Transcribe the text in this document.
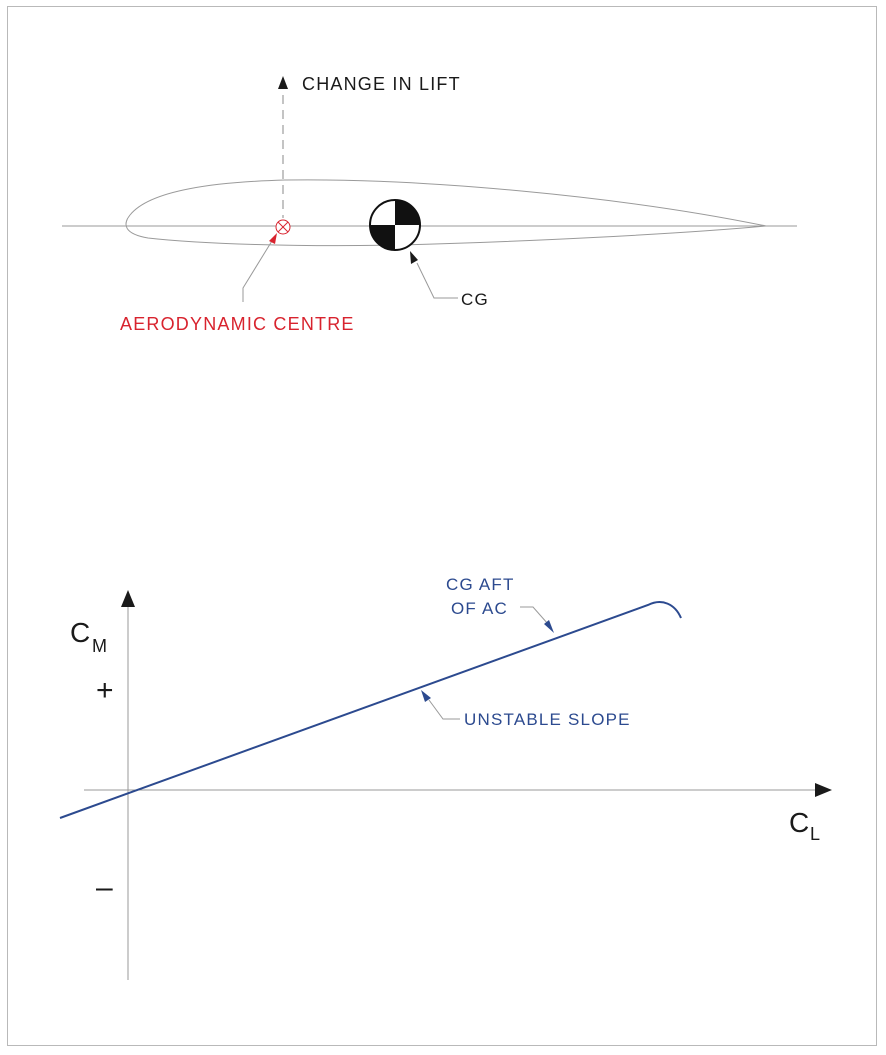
CHANGE IN LIFT
AERODYNAMIC CENTRE
CG
C M
C L
+
–
CG AFT
OF AC
UNSTABLE SLOPE
